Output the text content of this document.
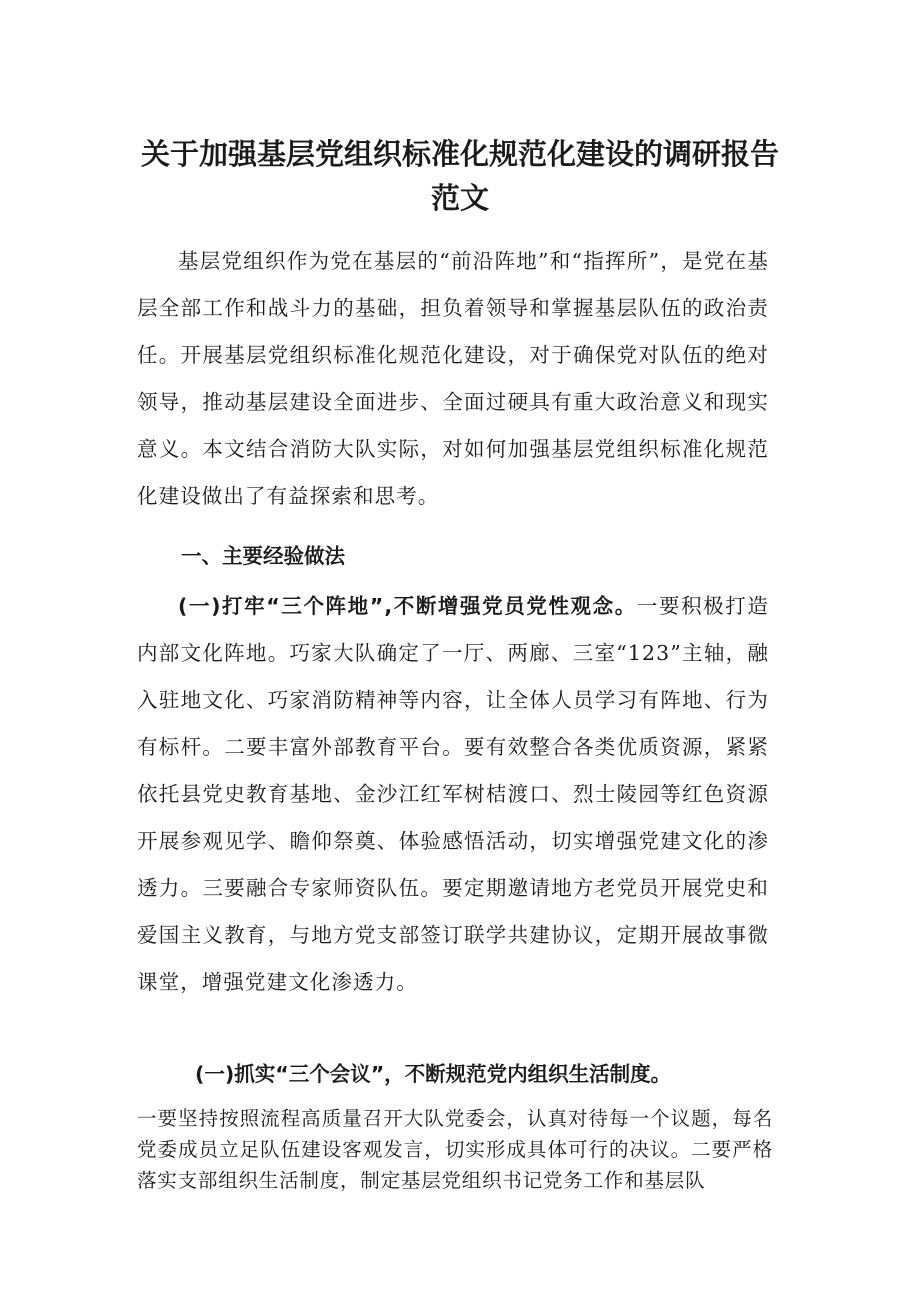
关于加强基层党组织标准化规范化建设的调研报告
范文

基层党组织作为党在基层的“前沿阵地”和“指挥所”，是党在基层全部工作和战斗力的基础，担负着领导和掌握基层队伍的政治责任。开展基层党组织标准化规范化建设，对于确保党对队伍的绝对领导，推动基层建设全面进步、全面过硬具有重大政治意义和现实意义。本文结合消防大队实际，对如何加强基层党组织标准化规范化建设做出了有益探索和思考。

一、主要经验做法

(一)打牢“三个阵地”,不断增强党员党性观念。一要积极打造内部文化阵地。巧家大队确定了一厅、两廊、三室“123”主轴，融入驻地文化、巧家消防精神等内容，让全体人员学习有阵地、行为有标杆。二要丰富外部教育平台。要有效整合各类优质资源，紧紧依托县党史教育基地、金沙江红军树桔渡口、烈士陵园等红色资源开展参观见学、瞻仰祭奠、体验感悟活动，切实增强党建文化的渗透力。三要融合专家师资队伍。要定期邀请地方老党员开展党史和爱国主义教育，与地方党支部签订联学共建协议，定期开展故事微课堂，增强党建文化渗透力。

(一)抓实“三个会议”，不断规范党内组织生活制度。

一要坚持按照流程高质量召开大队党委会，认真对待每一个议题，每名党委成员立足队伍建设客观发言，切实形成具体可行的决议。二要严格落实支部组织生活制度，制定基层党组织书记党务工作和基层队
